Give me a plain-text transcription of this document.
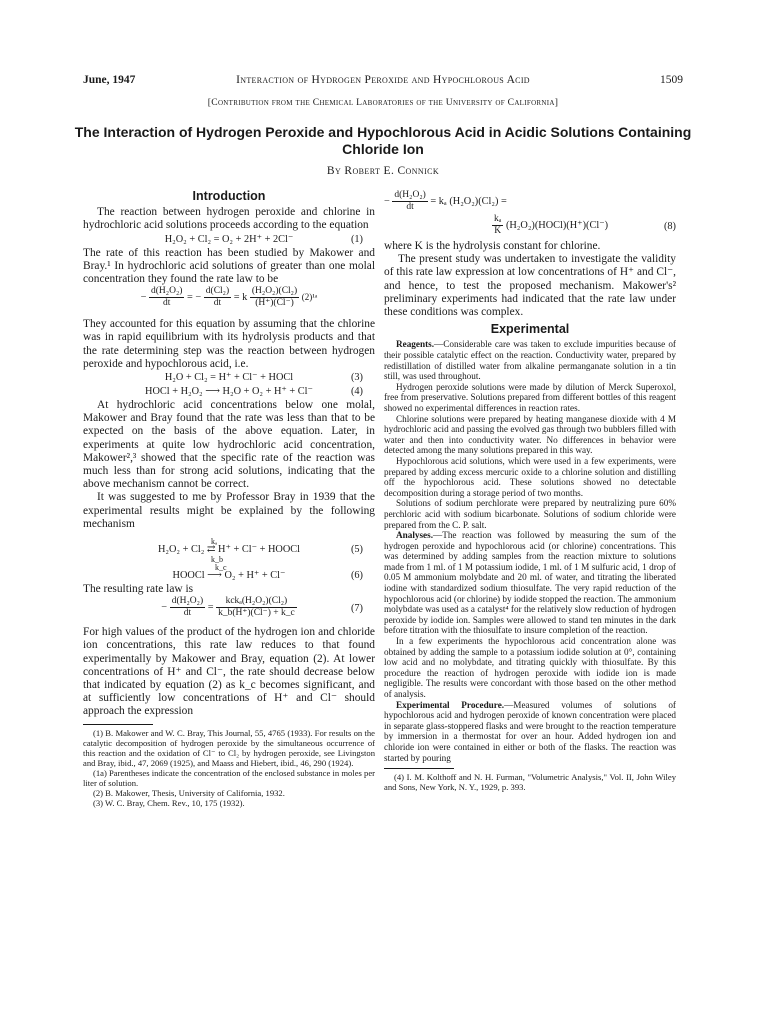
June, 1947	Interaction of Hydrogen Peroxide and Hypochlorous Acid	1509
[Contribution from the Chemical Laboratories of the University of California]
The Interaction of Hydrogen Peroxide and Hypochlorous Acid in Acidic Solutions Containing Chloride Ion
By Robert E. Connick
Introduction

The reaction between hydrogen peroxide and chlorine in hydrochloric acid solutions proceeds according to the equation

H₂O₂ + Cl₂ = O₂ + 2H⁺ + 2Cl⁻	(1)

The rate of this reaction has been studied by Makower and Bray.¹ In hydrochloric acid solutions of greater than one molal concentration they found the rate law to be

− $\frac{\text{d(H₂O₂)}}{dt}$ = − $\frac{\text{d(Cl₂)}}{dt} = k \frac{\text{(H₂O₂)(Cl₂)}}{(H^+)(Cl^-)}$ (2)¹ᵃ

They accounted for this equation by assuming that the chlorine was in rapid equilibrium with its hydrolysis products and that the rate determining step was the reaction between hydrogen peroxide and hypochlorous acid, i.e.

H₂O + Cl₂ = H⁺ + Cl⁻ + HOCl	(3)
HOCl + H₂O₂ ⟶ H₂O + O₂ + H⁺ + Cl⁻	(4)

At hydrochloric acid concentrations below one molal, Makower and Bray found that the rate was less than that to be expected on the basis of the above equation. Later, in experiments at quite low hydrochloric acid concentration, Makower²,³ showed that the specific rate of the reaction was much less than for strong acid solutions, indicating that the above mechanism cannot be correct.

It was suggested to me by Professor Bray in 1939 that the experimental results might be explained by the following mechanism

H₂O₂ + Cl₂ ⇄ H⁺ + Cl⁻ + HOOCl
kₐ
k_b
(5)
HOOCl ⟶ O₂ + H⁺ + Cl⁻
k_c
(6)

The resulting rate law is

− $\frac{\text{d(H₂O₂)}}{dt} = \frac{\text{kckₐ(H₂O₂)(Cl₂)}}{k\_b(H^+)(Cl^-) + k\_c}$	(7)

For high values of the product of the hydrogen ion and chloride ion concentrations, this rate law reduces to that found experimentally by Makower and Bray, equation (2). At lower concentrations of H⁺ and Cl⁻, the rate should decrease below that indicated by equation (2) as k_c becomes significant, and at sufficiently low concentrations of H⁺ and Cl⁻ should approach the expression

(1) B. Makower and W. C. Bray, This Journal, 55, 4765 (1933). For results on the catalytic decomposition of hydrogen peroxide by the simultaneous occurrence of this reaction and the oxidation of Cl⁻ to Cl₂ by hydrogen peroxide, see Livingston and Bray, ibid., 47, 2069 (1925), and Maass and Hiebert, ibid., 46, 290 (1924).
(1a) Parentheses indicate the concentration of the enclosed substance in moles per liter of solution.
(2) B. Makower, Thesis, University of California, 1932.
(3) W. C. Bray, Chem. Rev., 10, 175 (1932).
− $\frac{\text{d(H₂O₂)}}{dt} = k_a$ (H₂O₂)(Cl₂) =
$\frac{\text{kₐ}}{K}$ (H₂O₂)(HOCl)(H⁺)(Cl⁻)	(8)

where K is the hydrolysis constant for chlorine.

The present study was undertaken to investigate the validity of this rate law expression at low concentrations of H⁺ and Cl⁻, and hence, to test the proposed mechanism. Makower's² preliminary experiments had indicated that the rate law under these conditions was complex.

Experimental

Reagents.—Considerable care was taken to exclude impurities because of their possible catalytic effect on the reaction. Conductivity water, prepared by redistillation of distilled water from alkaline permanganate solution in a tin still, was used throughout.

Hydrogen peroxide solutions were made by dilution of Merck Superoxol, free from preservative. Solutions prepared from different bottles of this reagent showed no experimental differences in reaction rates.

Chlorine solutions were prepared by heating manganese dioxide with 4 M hydrochloric acid and passing the evolved gas through two bubblers filled with water and then into conductivity water. No differences in behavior were detected among the many solutions prepared in this way.

Hypochlorous acid solutions, which were used in a few experiments, were prepared by adding excess mercuric oxide to a chlorine solution and distilling off the hypochlorous acid. These solutions showed no detectable decomposition during a storage period of two months.

Solutions of sodium perchlorate were prepared by neutralizing pure 60% perchloric acid with sodium bicarbonate. Solutions of sodium chloride were prepared from the C. P. salt.

Analyses.—The reaction was followed by measuring the sum of the hydrogen peroxide and hypochlorous acid (or chlorine) concentrations. This was determined by adding samples from the reaction mixture to solutions made from 1 ml. of 1 M potassium iodide, 1 ml. of 1 M sulfuric acid, 1 drop of 0.05 M ammonium molybdate and 20 ml. of water, and titrating the liberated iodine with standardized sodium thiosulfate. The very rapid reduction of the hypochlorous acid (or chlorine) by iodide stopped the reaction. The ammonium molybdate was used as a catalyst⁴ for the relatively slow reduction of hydrogen peroxide by iodide ion. Samples were allowed to stand ten minutes in the dark before titration with the thiosulfate to insure completion of the reaction.

In a few experiments the hypochlorous acid concentration alone was obtained by adding the sample to a potassium iodide solution at 0°, containing low acid and no molybdate, and titrating quickly with thiosulfate. By this procedure the reaction of hydrogen peroxide with iodide ion is made negligible. The results were concordant with those based on the other method of analysis.

Experimental Procedure.—Measured volumes of solutions of hypochlorous acid and hydrogen peroxide of known concentration were placed in separate glass-stoppered flasks and were brought to the reaction temperature by immersion in a thermostat for over an hour. Added hydrogen ion and chloride ion were contained in either or both of the flasks. The reaction was started by pouring

(4) I. M. Kolthoff and N. H. Furman, "Volumetric Analysis," Vol. II, John Wiley and Sons, New York, N. Y., 1929, p. 393.
